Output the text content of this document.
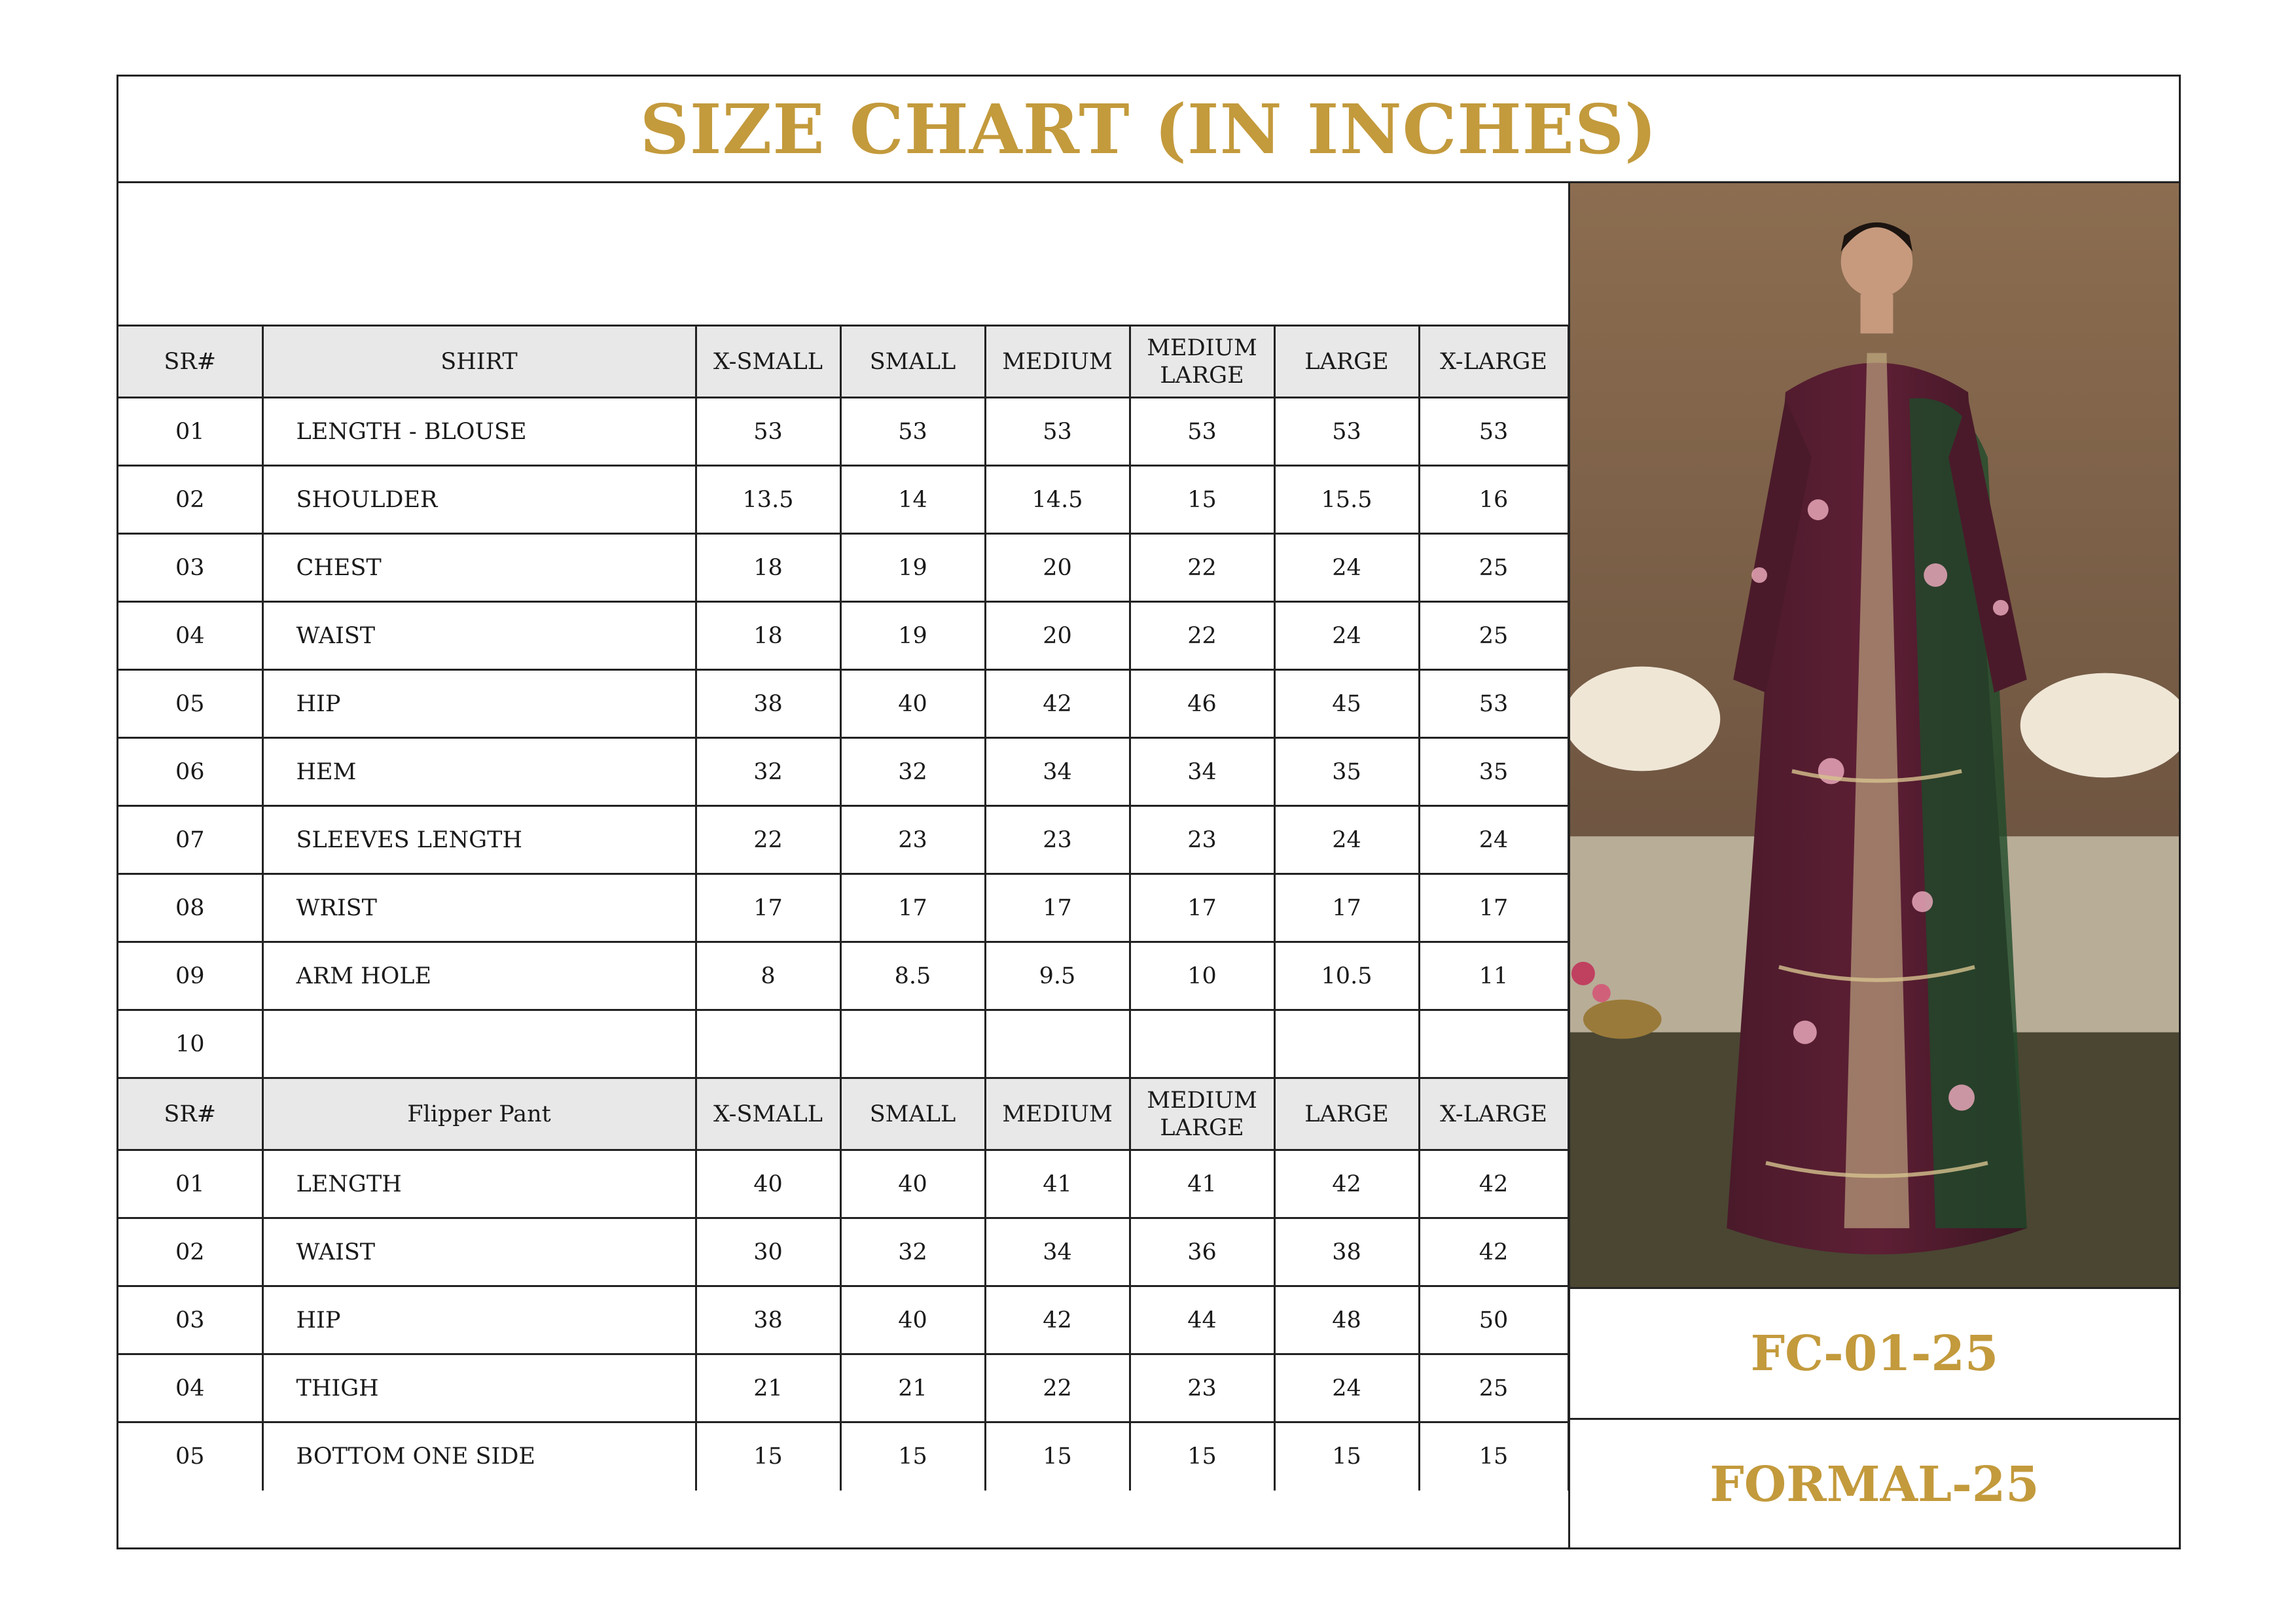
SIZE CHART (IN INCHES)
SR#	SHIRT	X-SMALL	SMALL	MEDIUM	MEDIUM LARGE	LARGE	X-LARGE
01	LENGTH - BLOUSE	53	53	53	53	53	53
02	SHOULDER	13.5	14	14.5	15	15.5	16
03	CHEST	18	19	20	22	24	25
04	WAIST	18	19	20	22	24	25
05	HIP	38	40	42	46	45	53
06	HEM	32	32	34	34	35	35
07	SLEEVES LENGTH	22	23	23	23	24	24
08	WRIST	17	17	17	17	17	17
09	ARM HOLE	8	8.5	9.5	10	10.5	11
10							
SR#	Flipper Pant	X-SMALL	SMALL	MEDIUM	MEDIUM LARGE	LARGE	X-LARGE
01	LENGTH	40	40	41	41	42	42
02	WAIST	30	32	34	36	38	42
03	HIP	38	40	42	44	48	50
04	THIGH	21	21	22	23	24	25
05	BOTTOM ONE SIDE	15	15	15	15	15	15
FC-01-25
FORMAL-25
